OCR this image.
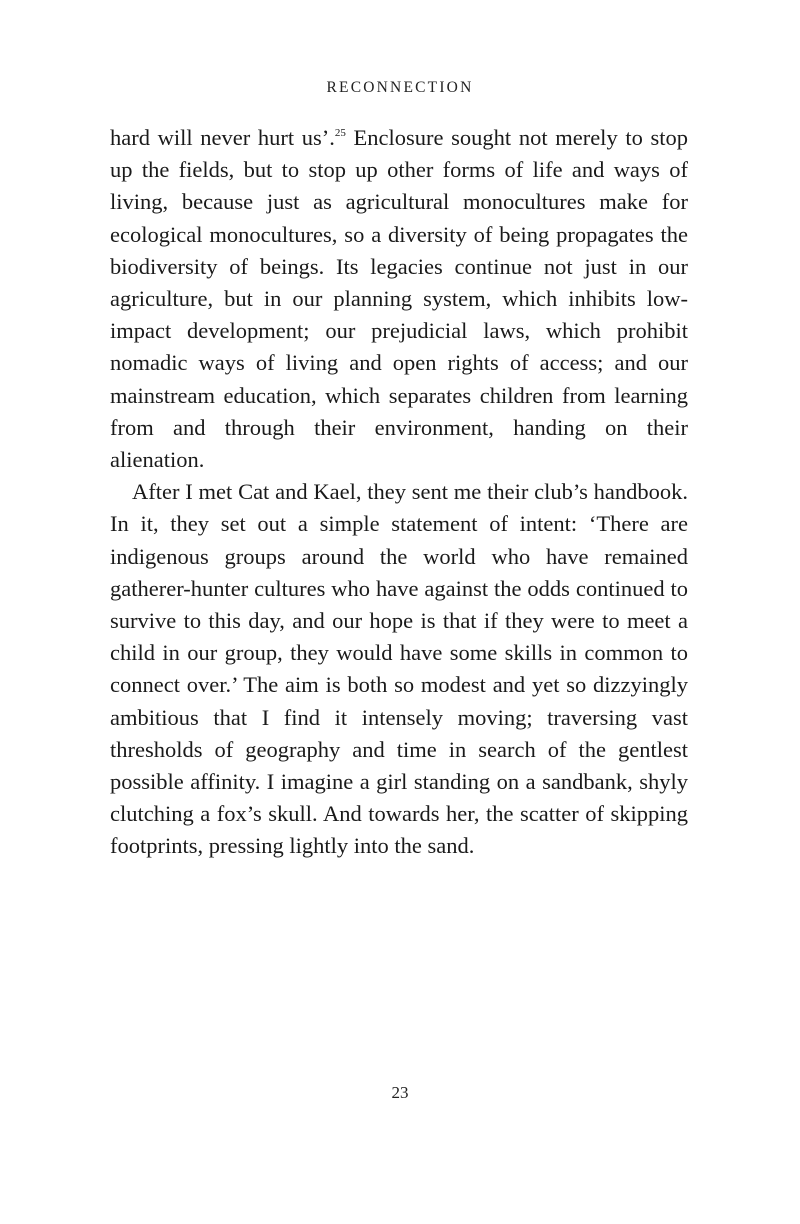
RECONNECTION

hard will never hurt us’.$^{25}$ Enclosure sought not merely to stop up the fields, but to stop up other forms of life and ways of living, because just as agricultural monocultures make for ecological monocultures, so a diversity of being propagates the biodiversity of beings. Its legacies continue not just in our agriculture, but in our planning system, which inhibits low-impact development; our prejudicial laws, which prohibit nomadic ways of living and open rights of access; and our mainstream education, which separates children from learning from and through their environment, handing on their alienation.

After I met Cat and Kael, they sent me their club’s handbook. In it, they set out a simple statement of intent: ‘There are indigenous groups around the world who have remained gatherer-hunter cultures who have against the odds continued to survive to this day, and our hope is that if they were to meet a child in our group, they would have some skills in common to connect over.’ The aim is both so modest and yet so dizzyingly ambitious that I find it intensely moving; traversing vast thresholds of geography and time in search of the gentlest possible affinity. I imagine a girl standing on a sandbank, shyly clutching a fox’s skull. And towards her, the scatter of skipping footprints, pressing lightly into the sand.

23
